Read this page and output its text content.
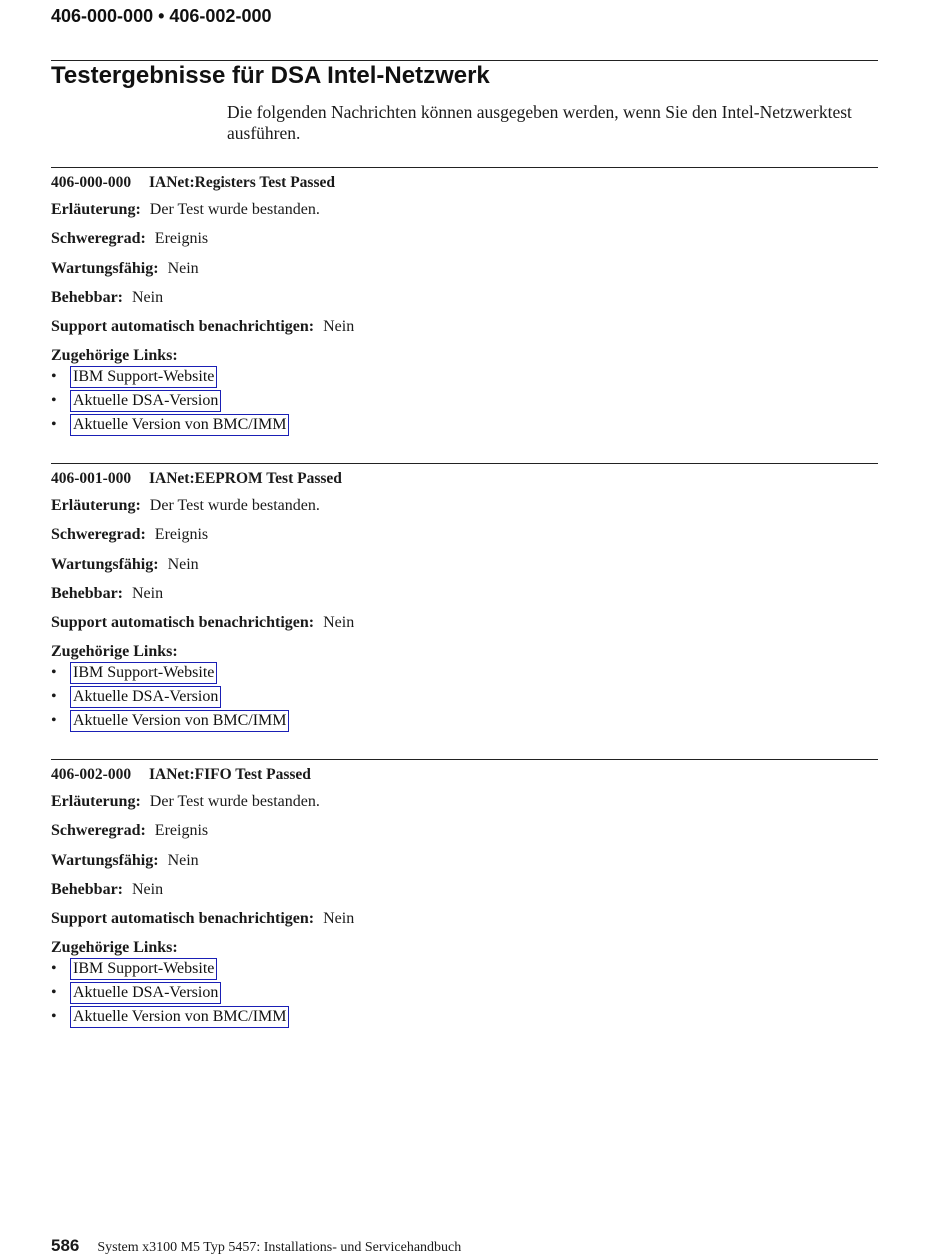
406-000-000 • 406-002-000
Testergebnisse für DSA Intel-Netzwerk

Die folgenden Nachrichten können ausgegeben werden, wenn Sie den Intel-Netzwerktest ausführen.

406-000-000 IANet:Registers Test Passed
Erläuterung: Der Test wurde bestanden.
Schweregrad: Ereignis
Wartungsfähig: Nein
Behebbar: Nein
Support automatisch benachrichtigen: Nein
Zugehörige Links:
• IBM Support-Website
• Aktuelle DSA-Version
• Aktuelle Version von BMC/IMM
406-001-000 IANet:EEPROM Test Passed
Erläuterung: Der Test wurde bestanden.
Schweregrad: Ereignis
Wartungsfähig: Nein
Behebbar: Nein
Support automatisch benachrichtigen: Nein
Zugehörige Links:
• IBM Support-Website
• Aktuelle DSA-Version
• Aktuelle Version von BMC/IMM
406-002-000 IANet:FIFO Test Passed
Erläuterung: Der Test wurde bestanden.
Schweregrad: Ereignis
Wartungsfähig: Nein
Behebbar: Nein
Support automatisch benachrichtigen: Nein
Zugehörige Links:
• IBM Support-Website
• Aktuelle DSA-Version
• Aktuelle Version von BMC/IMM
586 System x3100 M5 Typ 5457: Installations- und Servicehandbuch
